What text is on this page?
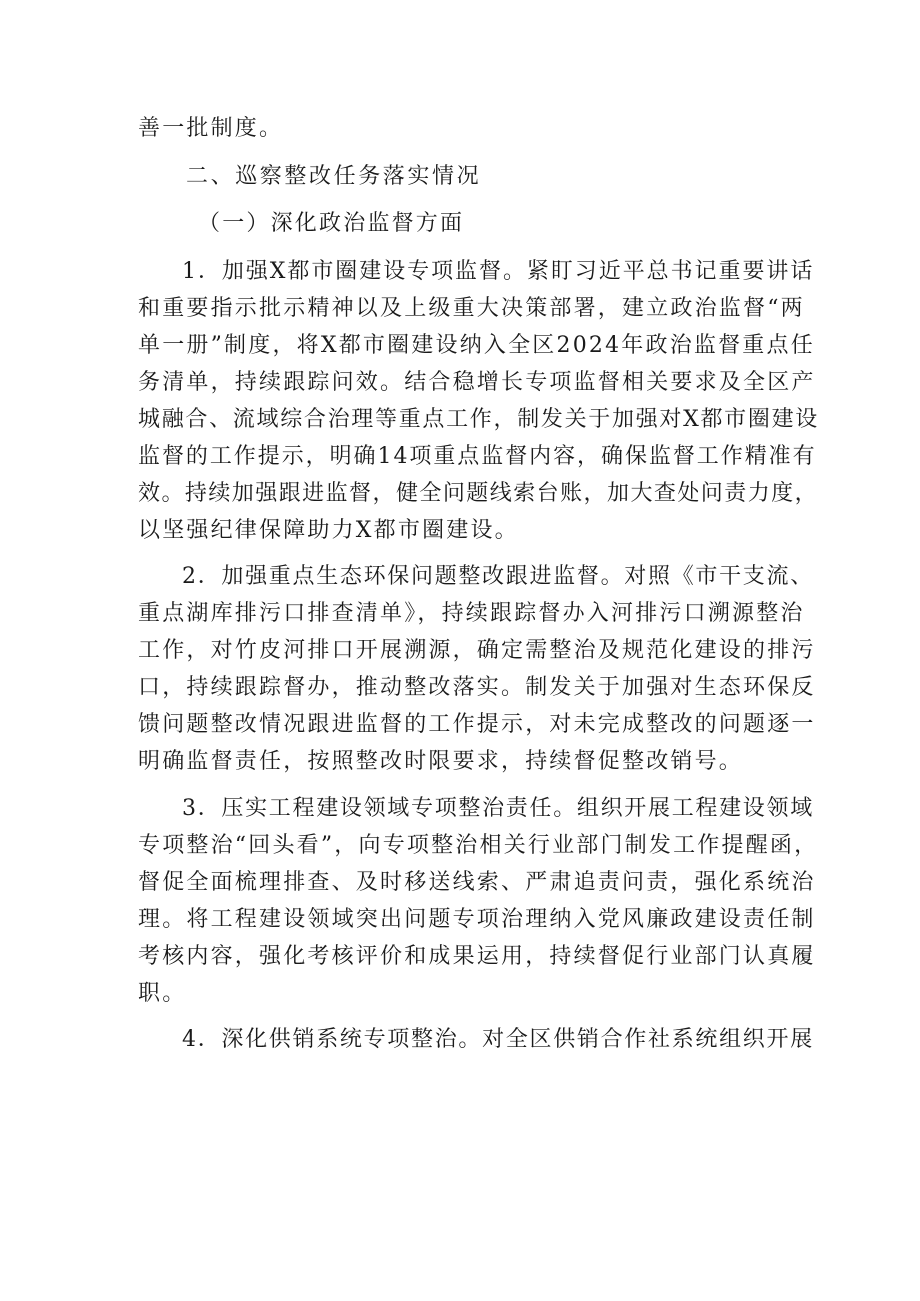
善一批制度。
二、巡察整改任务落实情况
（一）深化政治监督方面
1．加强X都市圈建设专项监督。紧盯习近平总书记重要讲话
和重要指示批示精神以及上级重大决策部署，建立政治监督“两
单一册”制度，将X都市圈建设纳入全区2024年政治监督重点任
务清单，持续跟踪问效。结合稳增长专项监督相关要求及全区产
城融合、流域综合治理等重点工作，制发关于加强对X都市圈建设
监督的工作提示，明确14项重点监督内容，确保监督工作精准有
效。持续加强跟进监督，健全问题线索台账，加大查处问责力度，
以坚强纪律保障助力X都市圈建设。
2．加强重点生态环保问题整改跟进监督。对照《市干支流、
重点湖库排污口排查清单》，持续跟踪督办入河排污口溯源整治
工作，对竹皮河排口开展溯源，确定需整治及规范化建设的排污
口，持续跟踪督办，推动整改落实。制发关于加强对生态环保反
馈问题整改情况跟进监督的工作提示，对未完成整改的问题逐一
明确监督责任，按照整改时限要求，持续督促整改销号。
3．压实工程建设领域专项整治责任。组织开展工程建设领域
专项整治“回头看”，向专项整治相关行业部门制发工作提醒函，
督促全面梳理排查、及时移送线索、严肃追责问责，强化系统治
理。将工程建设领域突出问题专项治理纳入党风廉政建设责任制
考核内容，强化考核评价和成果运用，持续督促行业部门认真履
职。
4．深化供销系统专项整治。对全区供销合作社系统组织开展
